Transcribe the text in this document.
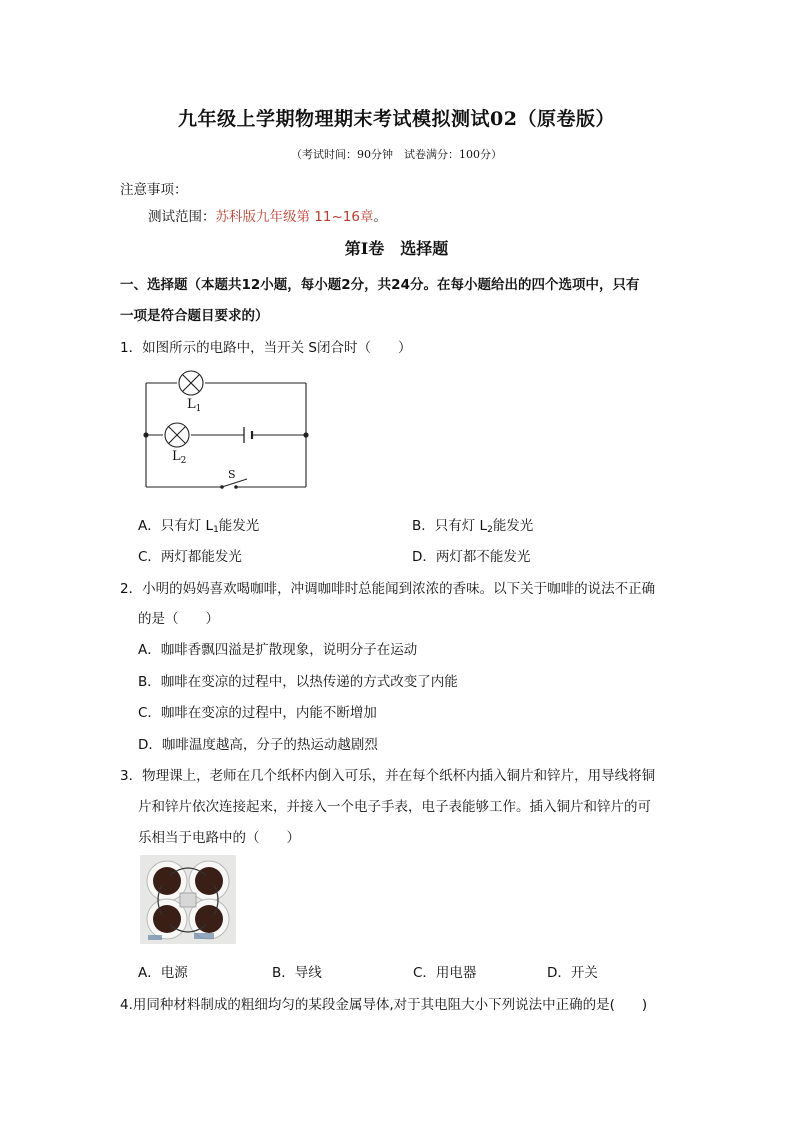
九年级上学期物理期末考试模拟测试02（原卷版）
（考试时间：90分钟　试卷满分：100分）
注意事项：
测试范围：苏科版九年级第 11~16章。
第Ⅰ卷　选择题
一、选择题（本题共12小题，每小题2分，共24分。在每小题给出的四个选项中，只有
一项是符合题目要求的）
1．如图所示的电路中，当开关 S闭合时（　　）
$L_1$
$L_2$
S
A．只有灯 $L_1$能发光	B．只有灯 $L_2$能发光
C．两灯都能发光	D．两灯都不能发光
2．小明的妈妈喜欢喝咖啡，冲调咖啡时总能闻到浓浓的香味。以下关于咖啡的说法不正确
的是（　　）
A．咖啡香飘四溢是扩散现象，说明分子在运动
B．咖啡在变凉的过程中，以热传递的方式改变了内能
C．咖啡在变凉的过程中，内能不断增加
D．咖啡温度越高，分子的热运动越剧烈
3．物理课上，老师在几个纸杯内倒入可乐，并在每个纸杯内插入铜片和锌片，用导线将铜
片和锌片依次连接起来，并接入一个电子手表，电子表能够工作。插入铜片和锌片的可
乐相当于电路中的（　　）
A．电源	B．导线	C．用电器	D．开关
4.用同种材料制成的粗细均匀的某段金属导体,对于其电阻大小下列说法中正确的是(　　)
